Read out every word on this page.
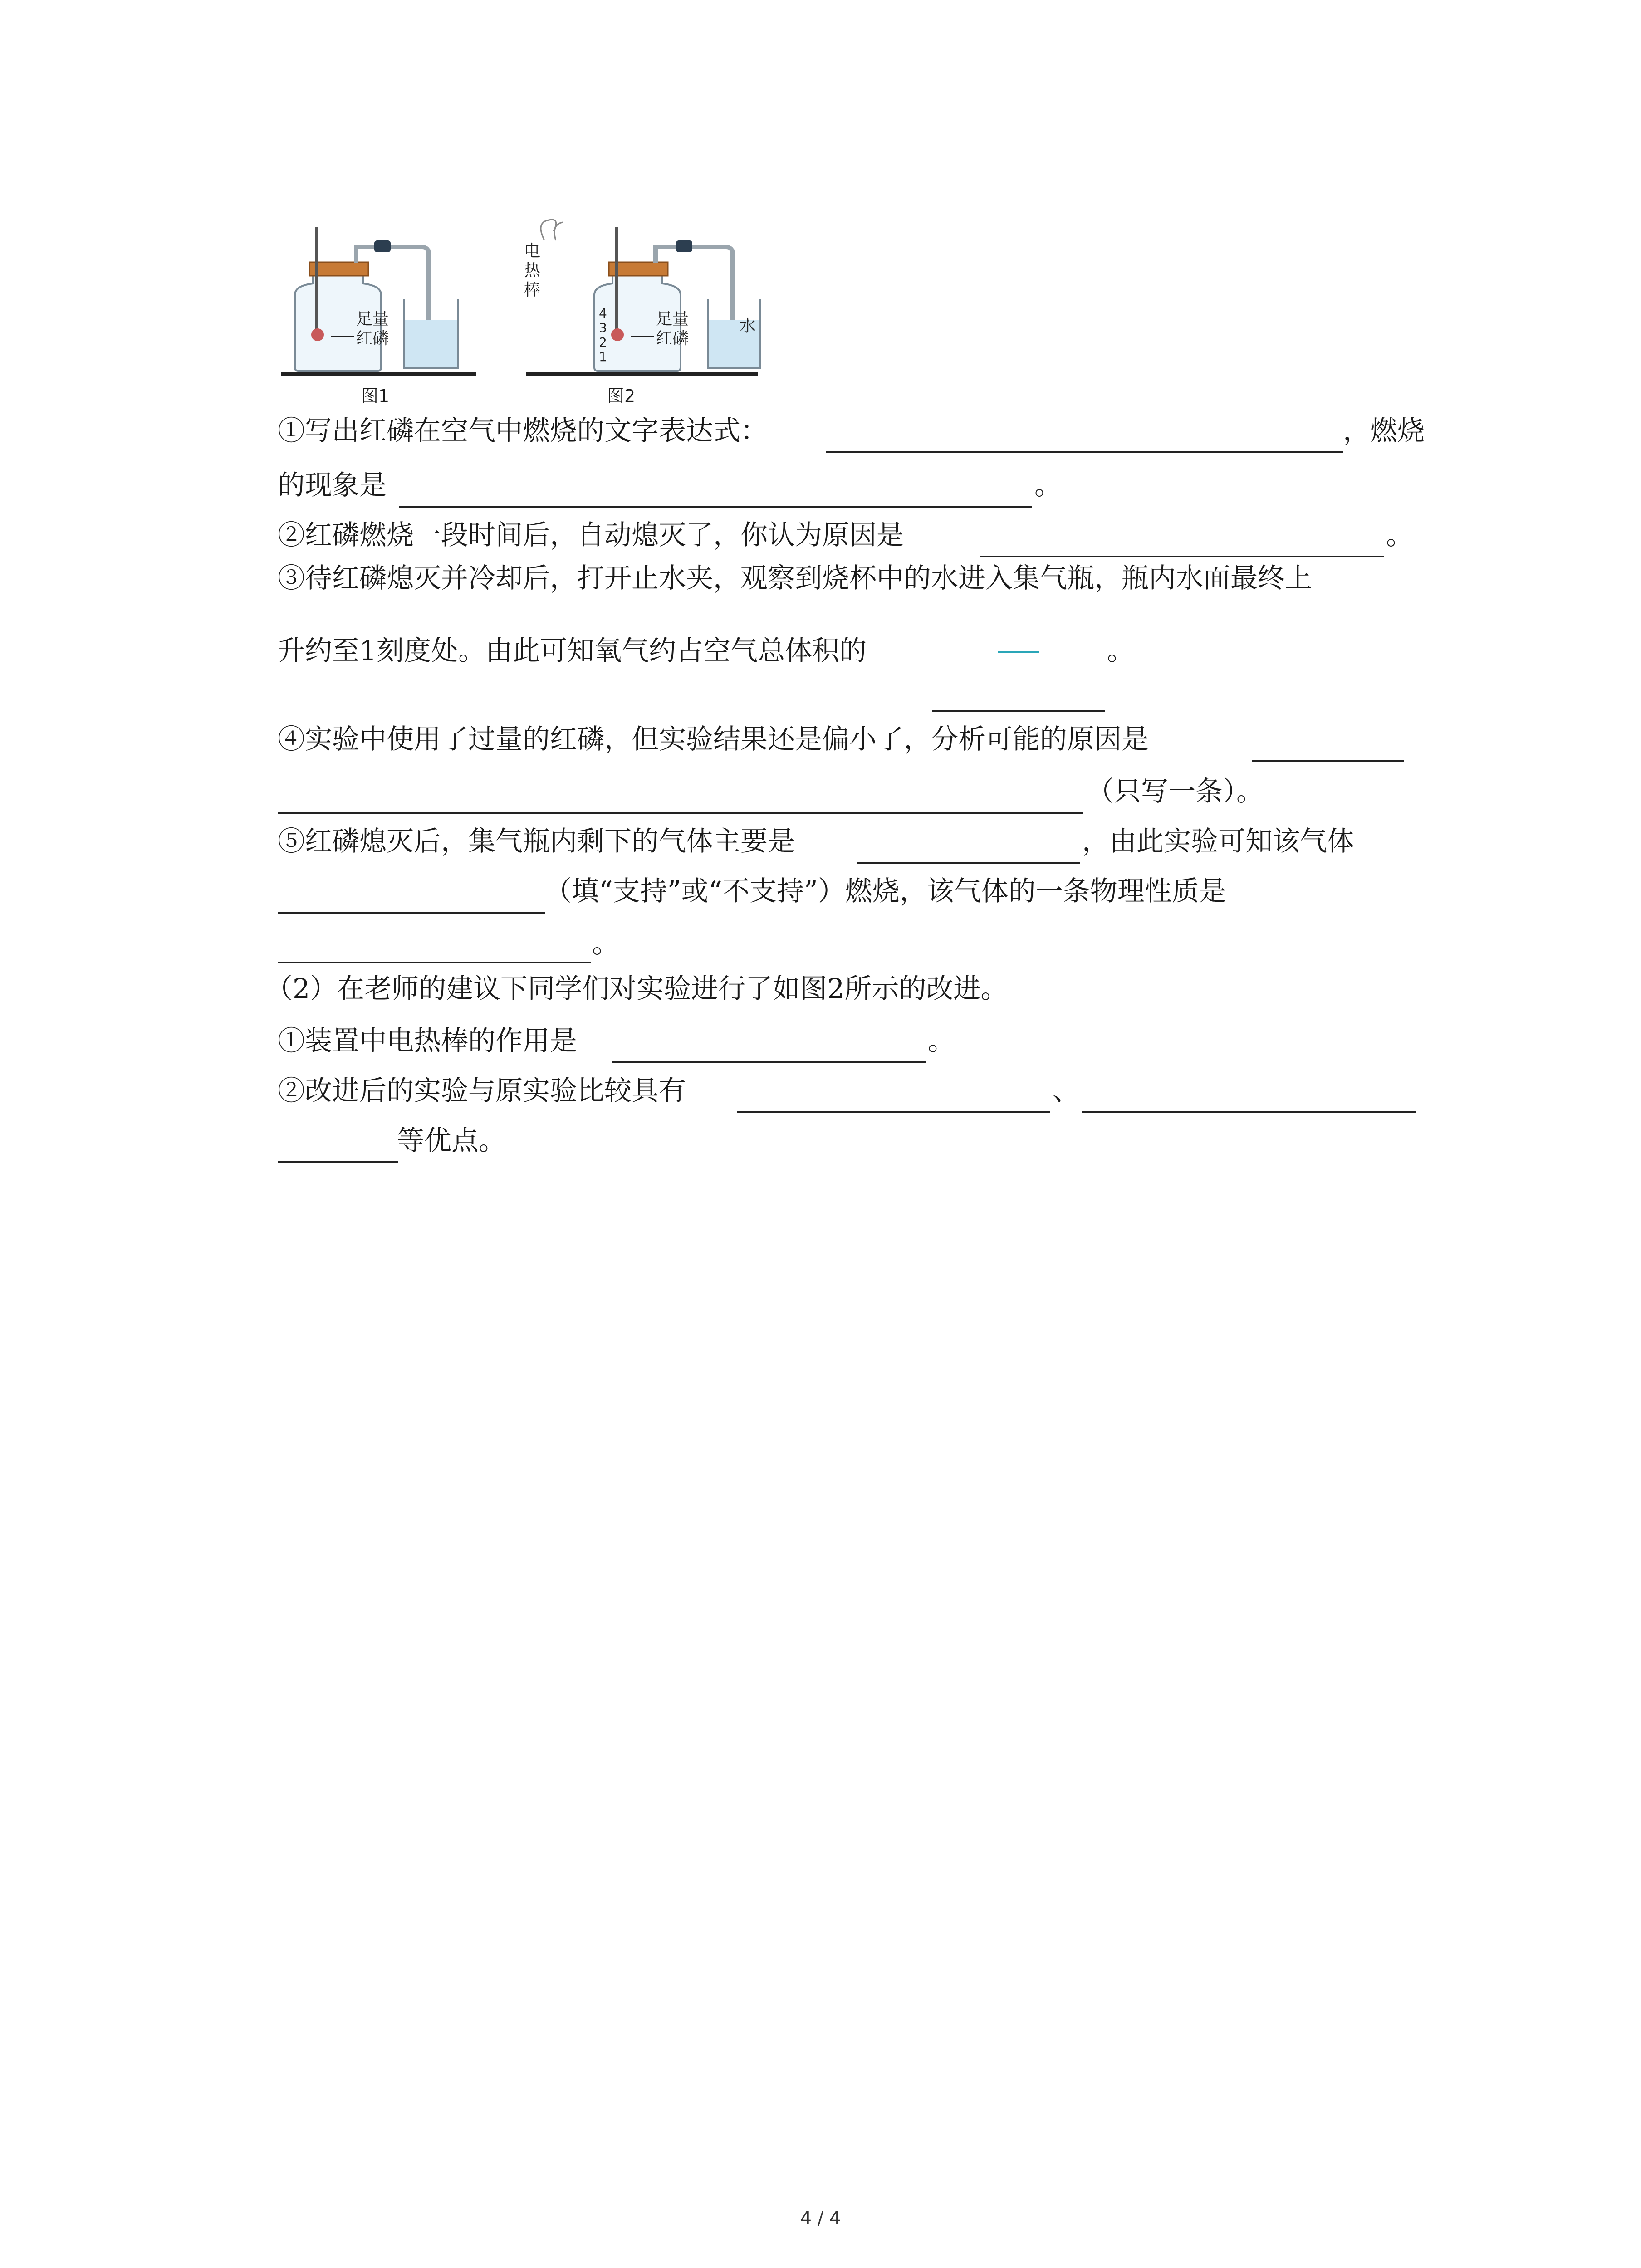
足量
红磷
图1
电
热
棒
4
3
2
1
足量
红磷
水
图2
①写出红磷在空气中燃烧的文字表达式：	，燃烧
的现象是	。
②红磷燃烧一段时间后，自动熄灭了，你认为原因是	。
③待红磷熄灭并冷却后，打开止水夹，观察到烧杯中的水进入集气瓶，瓶内水面最终上
升约至1刻度处。由此可知氧气约占空气总体积的	。
④实验中使用了过量的红磷，但实验结果还是偏小了，分析可能的原因是
（只写一条）。
⑤红磷熄灭后，集气瓶内剩下的气体主要是	，由此实验可知该气体
（填“支持”或“不支持”）燃烧，该气体的一条物理性质是
。
（2）在老师的建议下同学们对实验进行了如图2所示的改进。
①装置中电热棒的作用是	。
②改进后的实验与原实验比较具有	、
等优点。
4 / 4
